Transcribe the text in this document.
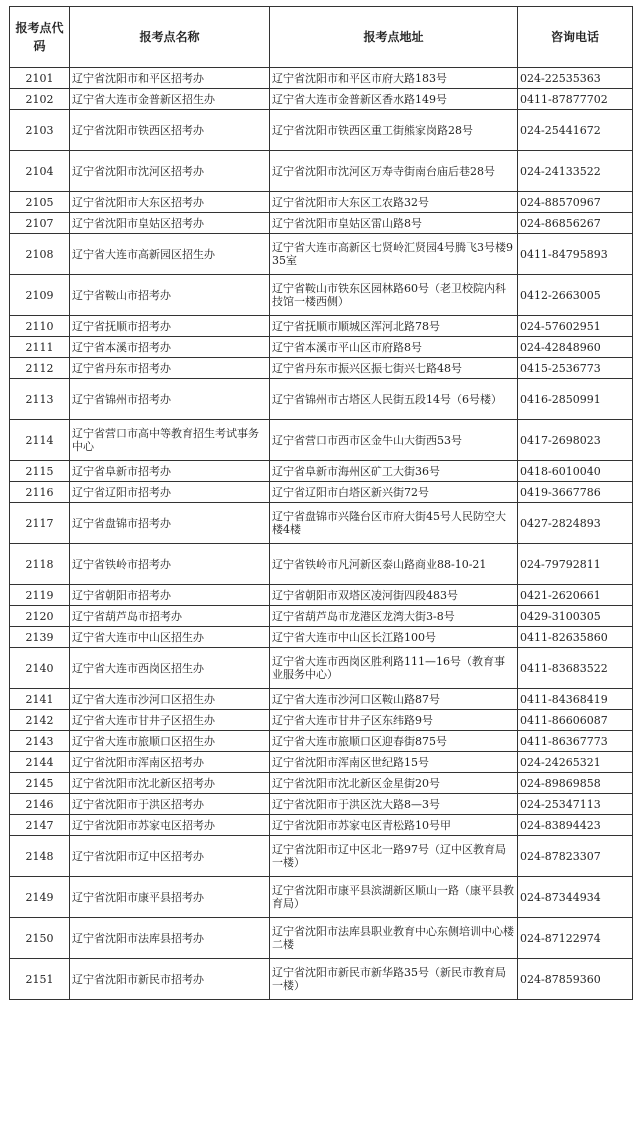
报考点代码	报考点名称	报考点地址	咨询电话
2101	辽宁省沈阳市和平区招考办	辽宁省沈阳市和平区市府大路183号	024-22535363
2102	辽宁省大连市金普新区招生办	辽宁省大连市金普新区香水路149号	0411-87877702
2103	辽宁省沈阳市铁西区招考办	辽宁省沈阳市铁西区重工街熊家岗路28号	024-25441672
2104	辽宁省沈阳市沈河区招考办	辽宁省沈阳市沈河区万寿寺街南台庙后巷28号	024-24133522
2105	辽宁省沈阳市大东区招考办	辽宁省沈阳市大东区工农路32号	024-88570967
2107	辽宁省沈阳市皇姑区招考办	辽宁省沈阳市皇姑区雷山路8号	024-86856267
2108	辽宁省大连市高新园区招生办	辽宁省大连市高新区七贤岭汇贤园4号腾飞3号楼935室	0411-84795893
2109	辽宁省鞍山市招考办	辽宁省鞍山市铁东区园林路60号（老卫校院内科技馆一楼西侧）	0412-2663005
2110	辽宁省抚顺市招考办	辽宁省抚顺市顺城区浑河北路78号	024-57602951
2111	辽宁省本溪市招考办	辽宁省本溪市平山区市府路8号	024-42848960
2112	辽宁省丹东市招考办	辽宁省丹东市振兴区振七街兴七路48号	0415-2536773
2113	辽宁省锦州市招考办	辽宁省锦州市古塔区人民街五段14号（6号楼）	0416-2850991
2114	辽宁省营口市高中等教育招生考试事务中心	辽宁省营口市西市区金牛山大街西53号	0417-2698023
2115	辽宁省阜新市招考办	辽宁省阜新市海州区矿工大街36号	0418-6010040
2116	辽宁省辽阳市招考办	辽宁省辽阳市白塔区新兴街72号	0419-3667786
2117	辽宁省盘锦市招考办	辽宁省盘锦市兴隆台区市府大街45号人民防空大楼4楼	0427-2824893
2118	辽宁省铁岭市招考办	辽宁省铁岭市凡河新区泰山路商业88-10-21	024-79792811
2119	辽宁省朝阳市招考办	辽宁省朝阳市双塔区凌河街四段483号	0421-2620661
2120	辽宁省葫芦岛市招考办	辽宁省葫芦岛市龙港区龙湾大街3-8号	0429-3100305
2139	辽宁省大连市中山区招生办	辽宁省大连市中山区长江路100号	0411-82635860
2140	辽宁省大连市西岗区招生办	辽宁省大连市西岗区胜利路111—16号（教育事业服务中心）	0411-83683522
2141	辽宁省大连市沙河口区招生办	辽宁省大连市沙河口区鞍山路87号	0411-84368419
2142	辽宁省大连市甘井子区招生办	辽宁省大连市甘井子区东纬路9号	0411-86606087
2143	辽宁省大连市旅顺口区招生办	辽宁省大连市旅顺口区迎春街875号	0411-86367773
2144	辽宁省沈阳市浑南区招考办	辽宁省沈阳市浑南区世纪路15号	024-24265321
2145	辽宁省沈阳市沈北新区招考办	辽宁省沈阳市沈北新区金星街20号	024-89869858
2146	辽宁省沈阳市于洪区招考办	辽宁省沈阳市于洪区沈大路8—3号	024-25347113
2147	辽宁省沈阳市苏家屯区招考办	辽宁省沈阳市苏家屯区青松路10号甲	024-83894423
2148	辽宁省沈阳市辽中区招考办	辽宁省沈阳市辽中区北一路97号（辽中区教育局一楼）	024-87823307
2149	辽宁省沈阳市康平县招考办	辽宁省沈阳市康平县滨湖新区顺山一路（康平县教育局）	024-87344934
2150	辽宁省沈阳市法库县招考办	辽宁省沈阳市法库县职业教育中心东侧培训中心楼二楼	024-87122974
2151	辽宁省沈阳市新民市招考办	辽宁省沈阳市新民市新华路35号（新民市教育局一楼）	024-87859360
